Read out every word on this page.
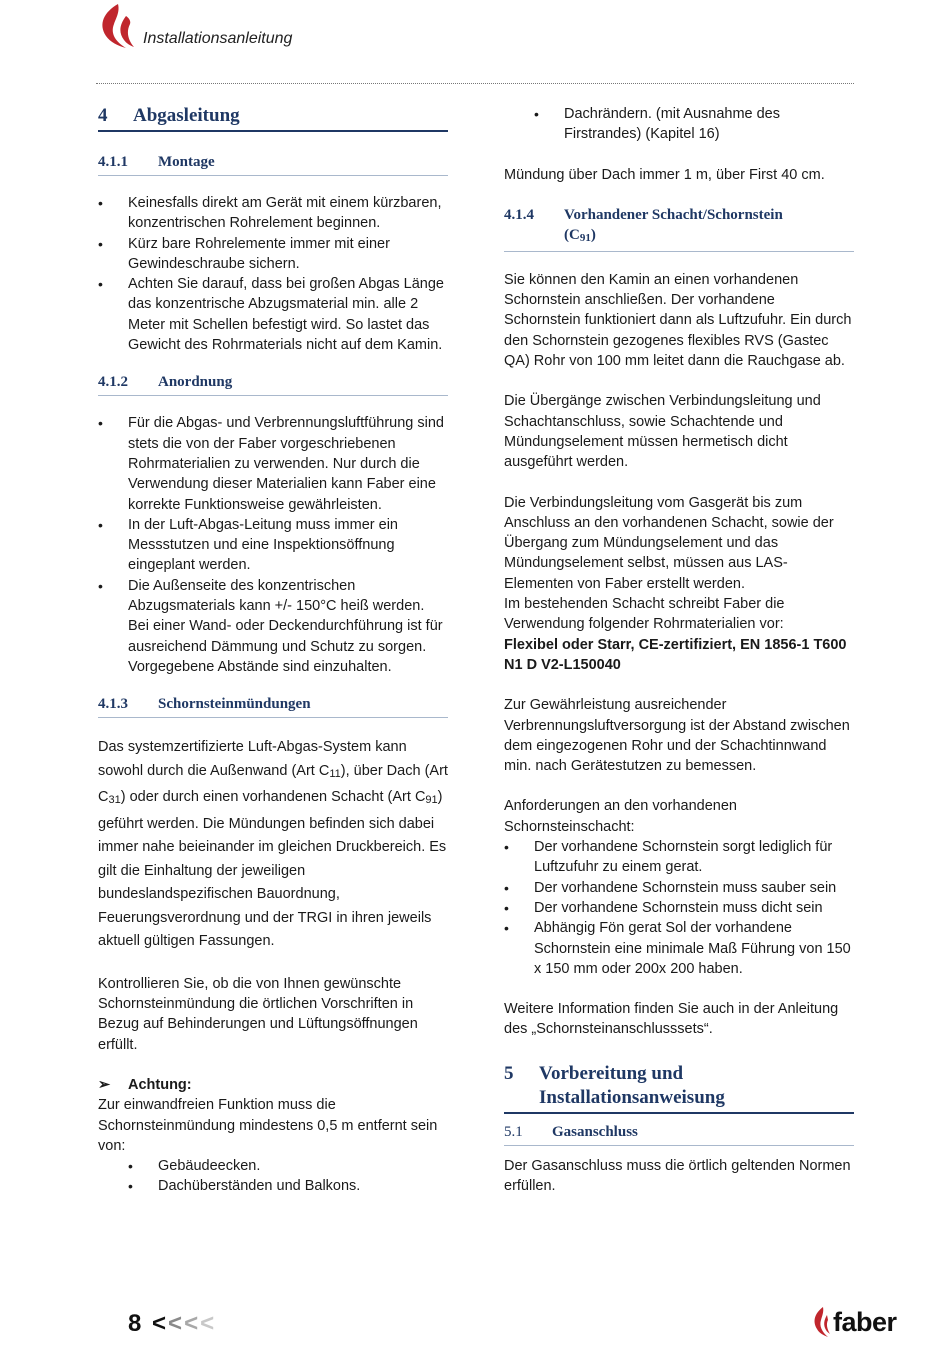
Installationsanleitung
4	Abgasleitung
4.1.1	Montage
• Keinesfalls direkt am Gerät mit einem kürzbaren, konzentrischen Rohrelement beginnen.
• Kürz bare Rohrelemente immer mit einer Gewindeschraube sichern.
• Achten Sie darauf, dass bei großen Abgas Länge das konzentrische Abzugsmaterial min. alle 2 Meter mit Schellen befestigt wird. So lastet das Gewicht des Rohrmaterials nicht auf dem Kamin.
4.1.2	Anordnung
• Für die Abgas- und Verbrennungsluftführung sind stets die von der Faber vorgeschriebenen Rohrmaterialien zu verwenden. Nur durch die Verwendung dieser Materialien kann Faber eine korrekte Funktionsweise gewährleisten.
• In der Luft-Abgas-Leitung muss immer ein Messstutzen und eine Inspektionsöffnung eingeplant werden.
• Die Außenseite des konzentrischen Abzugsmaterials kann +/- 150°C heiß werden. Bei einer Wand- oder Deckendurchführung ist für ausreichend Dämmung und Schutz zu sorgen. Vorgegebene Abstände sind einzuhalten.
4.1.3	Schornsteinmündungen

Das systemzertifizierte Luft-Abgas-System kann sowohl durch die Außenwand (Art C11), über Dach (Art C31) oder durch einen vorhandenen Schacht (Art C91) geführt werden. Die Mündungen befinden sich dabei immer nahe beieinander im gleichen Druckbereich. Es gilt die Einhaltung der jeweiligen bundeslandspezifischen Bauordnung, Feuerungsverordnung und der TRGI in ihren jeweils aktuell gültigen Fassungen.

Kontrollieren Sie, ob die von Ihnen gewünschte Schornsteinmündung die örtlichen Vorschriften in Bezug auf Behinderungen und Lüftungsöffnungen erfüllt.

➢	Achtung:

Zur einwandfreien Funktion muss die Schornsteinmündung mindestens 0,5 m entfernt sein von:

• Gebäudeecken.
• Dachüberständen und Balkons.
• Dachrändern. (mit Ausnahme des Firstrandes) (Kapitel 16)

Mündung über Dach immer 1 m, über First 40 cm.

4.1.4	Vorhandener Schacht/Schornstein
(C91)

Sie können den Kamin an einen vorhandenen Schornstein anschließen. Der vorhandene Schornstein funktioniert dann als Luftzufuhr. Ein durch den Schornstein gezogenes flexibles RVS (Gastec QA) Rohr von 100 mm leitet dann die Rauchgase ab.

Die Übergänge zwischen Verbindungsleitung und Schachtanschluss, sowie Schachtende und Mündungselement müssen hermetisch dicht ausgeführt werden.

Die Verbindungsleitung vom Gasgerät bis zum Anschluss an den vorhandenen Schacht, sowie der Übergang zum Mündungselement und das Mündungselement selbst, müssen aus LAS-Elementen von Faber erstellt werden.

Im bestehenden Schacht schreibt Faber die Verwendung folgender Rohrmaterialien vor:

Flexibel oder Starr, CE-zertifiziert, EN 1856-1 T600 N1 D V2-L150040

Zur Gewährleistung ausreichender Verbrennungsluftversorgung ist der Abstand zwischen dem eingezogenen Rohr und der Schachtinnwand min. nach Gerätestutzen zu bemessen.

Anforderungen an den vorhandenen Schornsteinschacht:

• Der vorhandene Schornstein sorgt lediglich für Luftzufuhr zu einem gerat.
• Der vorhandene Schornstein muss sauber sein
• Der vorhandene Schornstein muss dicht sein
• Abhängig Fön gerat Sol der vorhandene Schornstein eine minimale Maß Führung von 150 x 150 mm oder 200x 200 haben.

Weitere Information finden Sie auch in der Anleitung des „Schornsteinanschlusssets“.

5	Vorbereitung und Installationsanweisung
5.1	Gasanschluss

Der Gasanschluss muss die örtlich geltenden Normen erfüllen.

8 <<<<	faber
